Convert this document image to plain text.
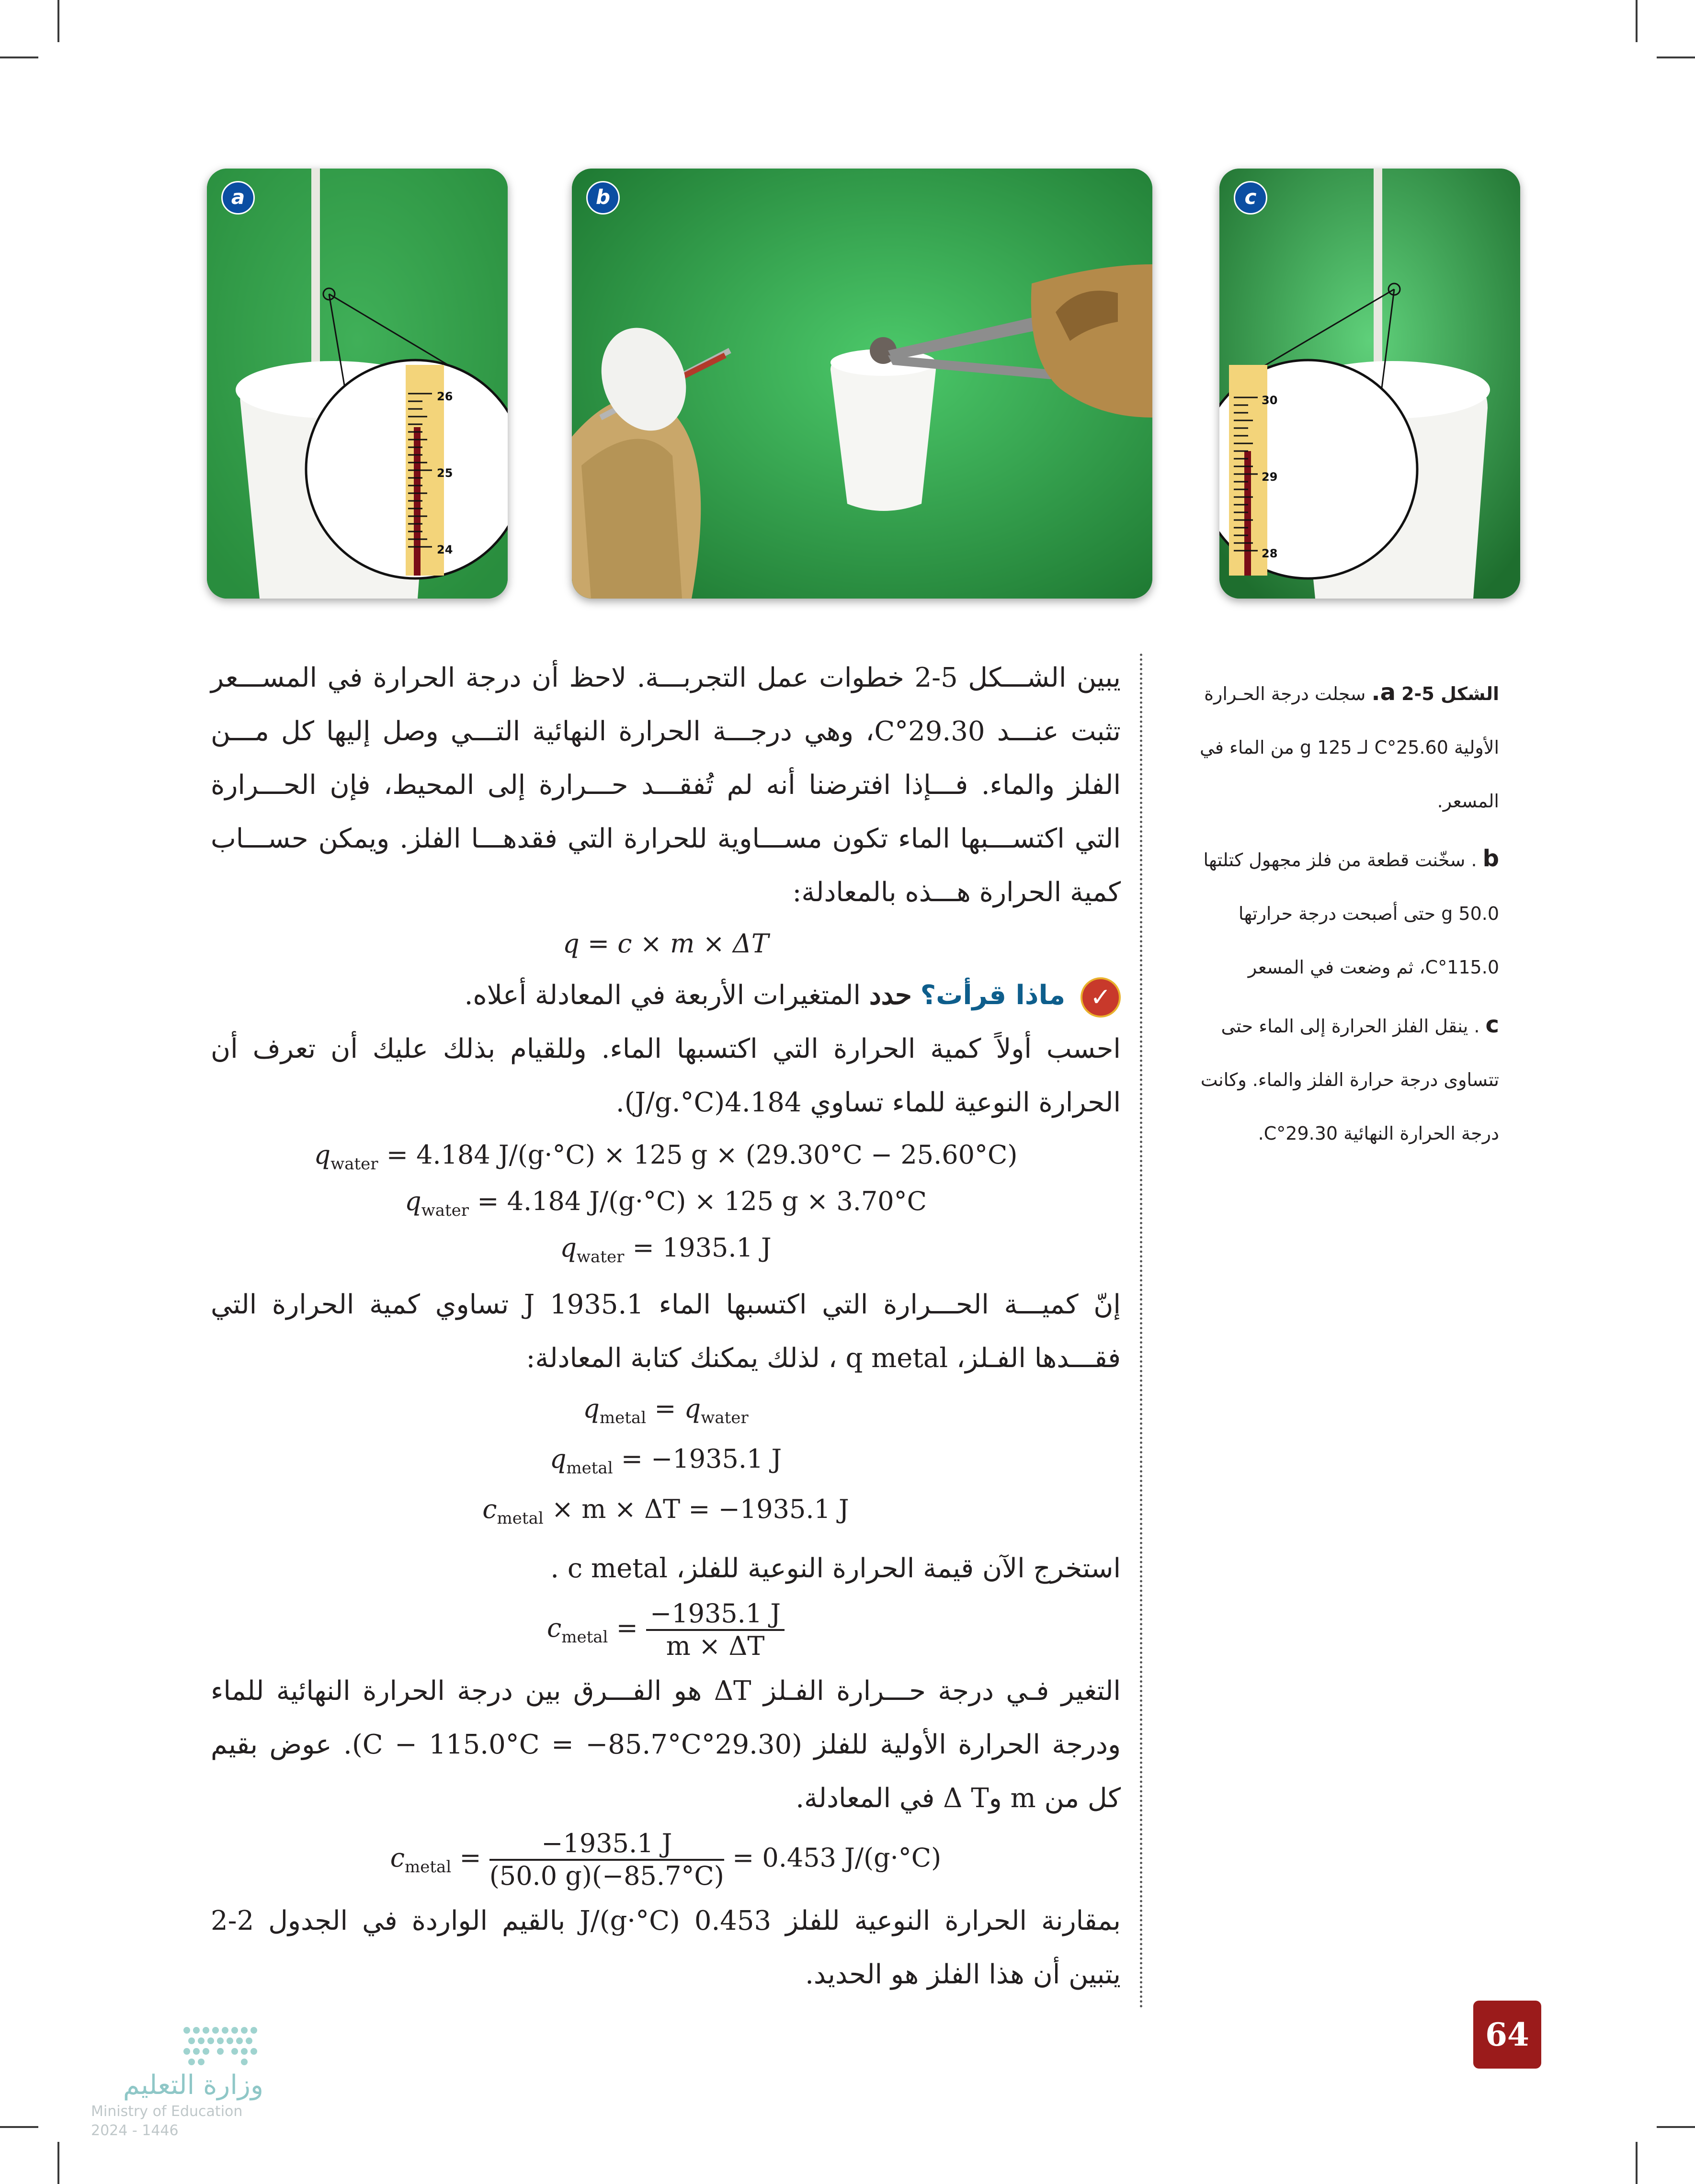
26
25
24
a	b
30
29
28
c

يبين الشـــكل 5-2 خطوات عمل التجربـــة. لاحظ أن درجة الحرارة في المســـعر تثبت عنـــد 29.30°C، وهي درجـــة الحرارة النهائية التـــي وصل إليها كل مـــن الفلز والماء. فـــإذا افترضنا أنه لم تُفقـــد حـــرارة إلى المحيط، فإن الحـــرارة التي اكتســـبها الماء تكون مســـاوية للحرارة التي فقدهـــا الفلز. ويمكن حســـاب كمية الحرارة هـــذه بالمعادلة:

q = c × m × ΔT

✓ ماذا قرأت؟ حدد المتغيرات الأربعة في المعادلة أعلاه.

احسب أولاً كمية الحرارة التي اكتسبها الماء. وللقيام بذلك عليك أن تعرف أن الحرارة النوعية للماء تساوي 4.184(J/g.°C).

$q_{water} = 4.184$ J/(g·°C) × 125 g × (29.30°C − 25.60°C)
$q_{water} = 4.184$ J/(g·°C) × 125 g × 3.70°C
$q_{water} = 1935.1$ J

إنّ كميـــة الحـــرارة التي اكتسبها الماء 1935.1 J تساوي كمية الحرارة التي فقـــدها الفـلز، q metal ، لذلك يمكنك كتابة المعادلة:

$q_{metal} = q_{water}$
$q_{metal} = -1935.1$ J
$c_{metal} \times m \times \Delta T = -1935.1$ J

استخرج الآن قيمة الحرارة النوعية للفلز، c metal .

$c_{metal} = \frac{-1935.1 J}{m \times \Delta T}$

التغير فـي درجة حـــرارة الفـلز ΔT هو الفـــرق بين درجة الحرارة النهائية للماء ودرجة الحرارة الأولية للفلز (29.30°C − 115.0°C = −85.7°C). عوض بقيم كل من m وΔ T في المعادلة.

$c_{metal} = \frac{-1935.1 J}{(50.0 g)(-85.7^\circ C)} = 0.453$ J/(g·°C)

بمقارنة الحرارة النوعية للفلز 0.453 J/(g·°C) بالقيم الواردة في الجدول 2-2 يتبين أن هذا الفلز هو الحديد.

الشكل 5-2 a. سجلت درجة الحـرارة الأولية 25.60°C لـ 125 g من الماء في المسعر.

b . سخّنت قطعة من فلز مجهول كتلتها 50.0 g حتى أصبحت درجة حرارتها 115.0°C، ثم وضعت في المسعر

c . ينقل الفلز الحرارة إلى الماء حتى تتساوى درجة حرارة الفلز والماء. وكانت درجة الحرارة النهائية 29.30°C.

وزارة التعليم
Ministry of Education
2024 - 1446
64
